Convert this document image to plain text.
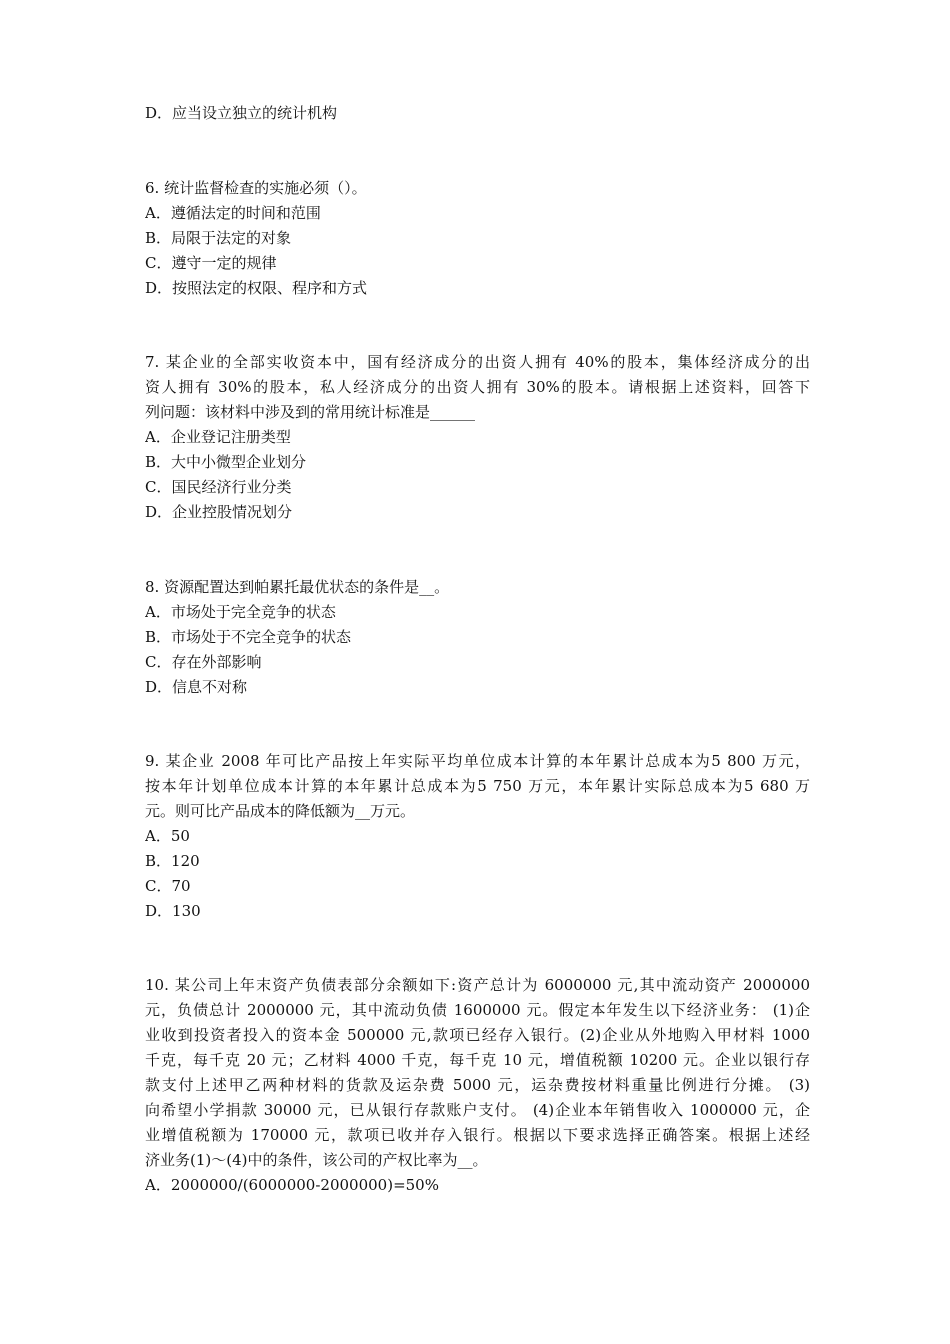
D．应当设立独立的统计机构
6. 统计监督检查的实施必须（）。
A．遵循法定的时间和范围
B．局限于法定的对象
C．遵守一定的规律
D．按照法定的权限、程序和方式
7. 某企业的全部实收资本中，国有经济成分的出资人拥有 40%的股本，集体经济成分的出
资人拥有 30%的股本，私人经济成分的出资人拥有 30%的股本。请根据上述资料，回答下
列问题：该材料中涉及到的常用统计标准是______
A．企业登记注册类型
B．大中小微型企业划分
C．国民经济行业分类
D．企业控股情况划分
8. 资源配置达到帕累托最优状态的条件是__。
A．市场处于完全竞争的状态
B．市场处于不完全竞争的状态
C．存在外部影响
D．信息不对称
9. 某企业 2008 年可比产品按上年实际平均单位成本计算的本年累计总成本为5 800 万元，
按本年计划单位成本计算的本年累计总成本为5 750 万元，本年累计实际总成本为5 680 万
元。则可比产品成本的降低额为__万元。
A．50
B．120
C．70
D．130
10. 某公司上年末资产负债表部分余额如下:资产总计为 6000000 元,其中流动资产 2000000
元，负债总计 2000000 元，其中流动负债 1600000 元。假定本年发生以下经济业务： (1)企
业收到投资者投入的资本金 500000 元,款项已经存入银行。(2)企业从外地购入甲材料 1000
千克，每千克 20 元；乙材料 4000 千克，每千克 10 元，增值税额 10200 元。企业以银行存
款支付上述甲乙两种材料的货款及运杂费 5000 元，运杂费按材料重量比例进行分摊。 (3)
向希望小学捐款 30000 元，已从银行存款账户支付。 (4)企业本年销售收入 1000000 元，企
业增值税额为 170000 元，款项已收并存入银行。根据以下要求选择正确答案。根据上述经
济业务(1)～(4)中的条件，该公司的产权比率为__。
A．2000000/(6000000-2000000)=50%
